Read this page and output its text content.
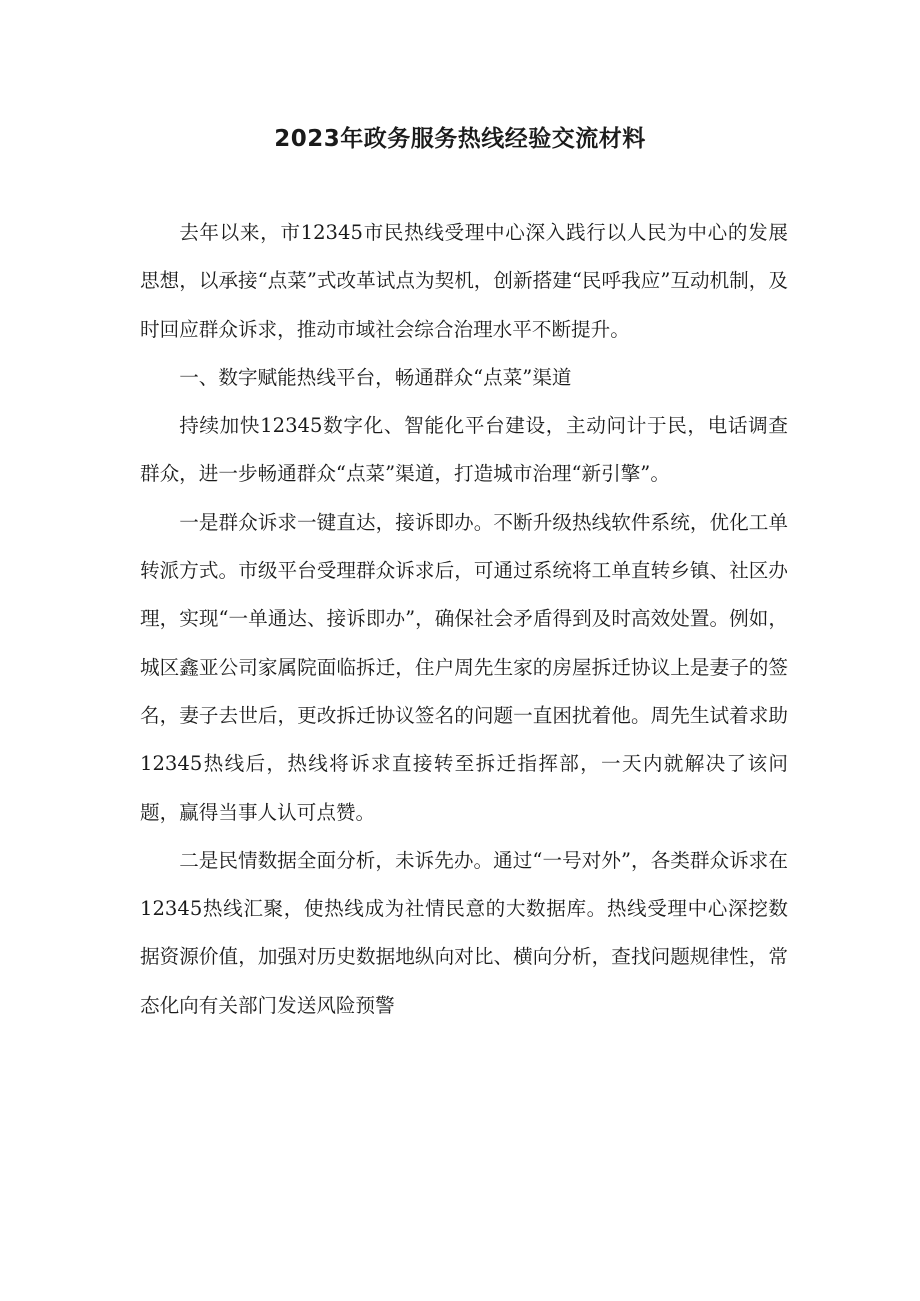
2023年政务服务热线经验交流材料

去年以来，市12345市民热线受理中心深入践行以人民为中心的发展思想，以承接“点菜”式改革试点为契机，创新搭建“民呼我应”互动机制，及时回应群众诉求，推动市域社会综合治理水平不断提升。

一、数字赋能热线平台，畅通群众“点菜”渠道

持续加快12345数字化、智能化平台建设，主动问计于民，电话调查群众，进一步畅通群众“点菜”渠道，打造城市治理“新引擎”。

一是群众诉求一键直达，接诉即办。不断升级热线软件系统，优化工单转派方式。市级平台受理群众诉求后，可通过系统将工单直转乡镇、社区办理，实现“一单通达、接诉即办”，确保社会矛盾得到及时高效处置。例如，城区鑫亚公司家属院面临拆迁，住户周先生家的房屋拆迁协议上是妻子的签名，妻子去世后，更改拆迁协议签名的问题一直困扰着他。周先生试着求助12345热线后，热线将诉求直接转至拆迁指挥部，一天内就解决了该问题，赢得当事人认可点赞。

二是民情数据全面分析，未诉先办。通过“一号对外”，各类群众诉求在12345热线汇聚，使热线成为社情民意的大数据库。热线受理中心深挖数据资源价值，加强对历史数据地纵向对比、横向分析，查找问题规律性，常态化向有关部门发送风险预警
